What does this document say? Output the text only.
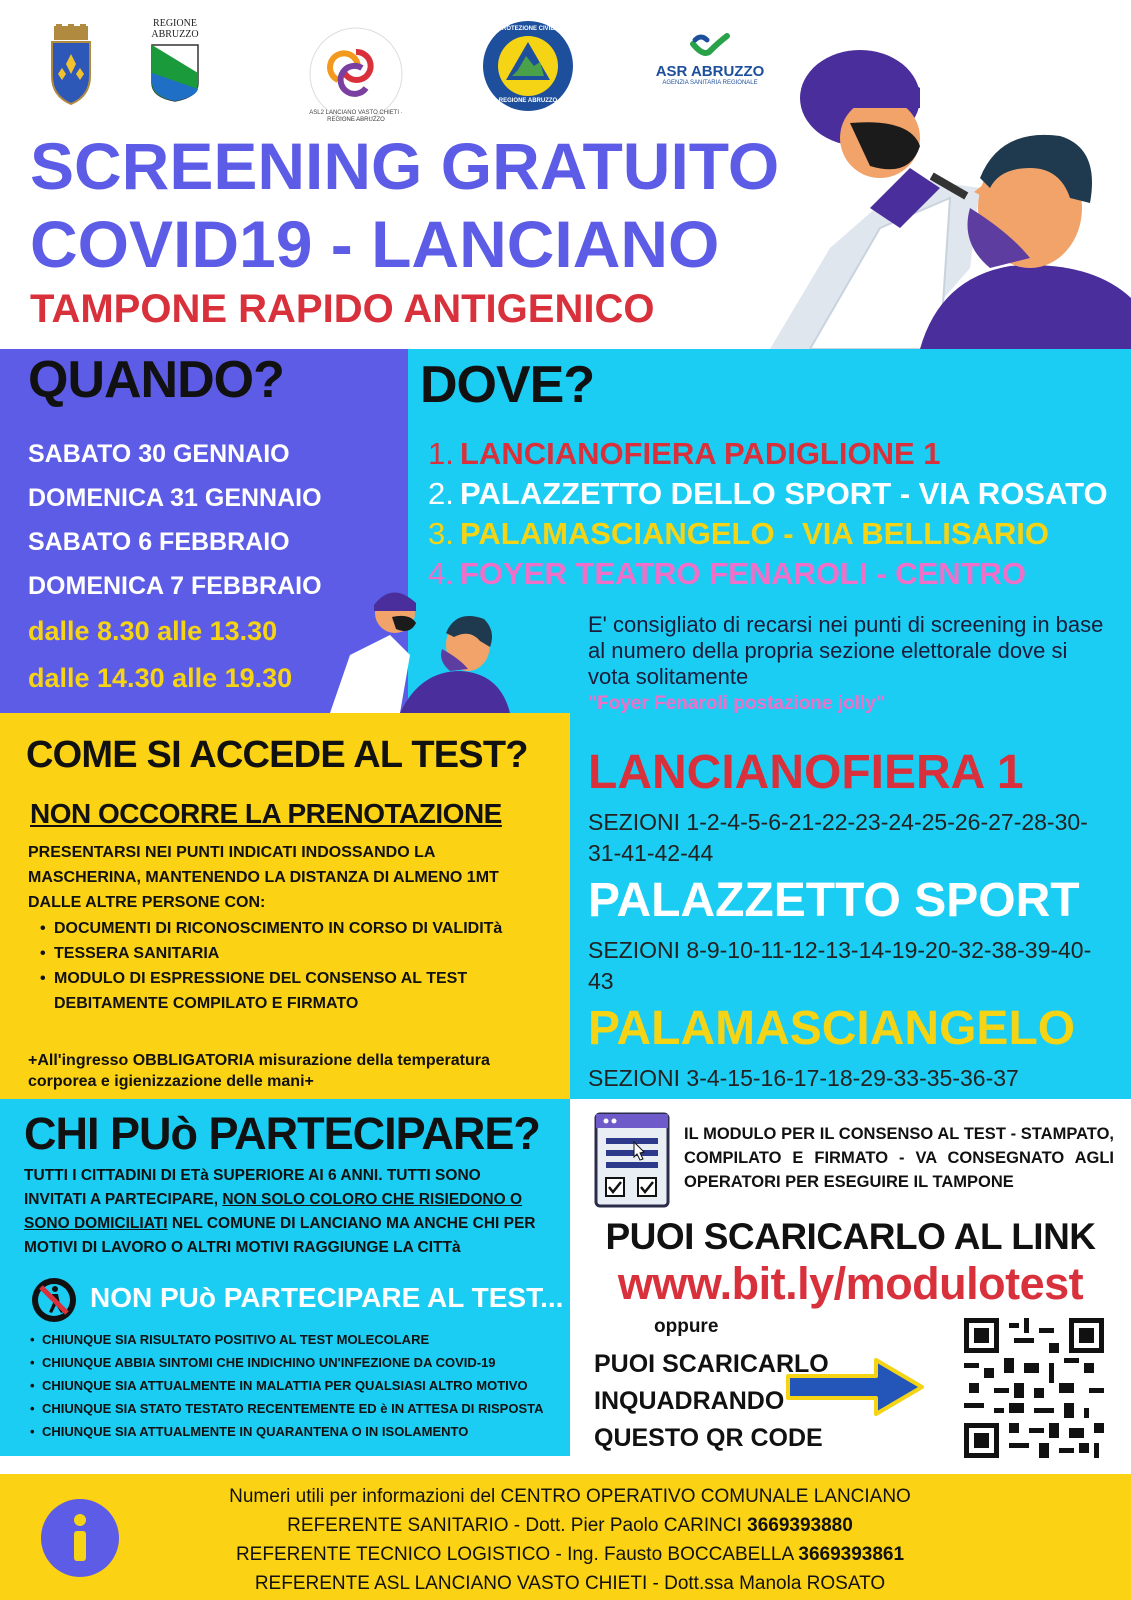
REGIONE
ABRUZZO
ASL2 LANCIANO VASTO CHIETI · REGIONE ABRUZZO
PROTEZIONE CIVILE
REGIONE ABRUZZO
ASR ABRUZZO
AGENZIA SANITARIA REGIONALE
SCREENING GRATUITO
COVID19 - LANCIANO
TAMPONE RAPIDO ANTIGENICO
QUANDO?
SABATO 30 GENNAIO
DOMENICA 31 GENNAIO
SABATO 6 FEBBRAIO
DOMENICA 7 FEBBRAIO
dalle 8.30 alle 13.30
dalle 14.30 alle 19.30
DOVE?
1. LANCIANOFIERA PADIGLIONE 1
2. PALAZZETTO DELLO SPORT - VIA ROSATO
3. PALAMASCIANGELO - VIA BELLISARIO
4. FOYER TEATRO FENAROLI - CENTRO
E' consigliato di recarsi nei punti di screening in base al numero della propria sezione elettorale dove si vota solitamente
"Foyer Fenaroli postazione jolly"
COME SI ACCEDE AL TEST?
NON OCCORRE LA PRENOTAZIONE
PRESENTARSI NEI PUNTI INDICATI INDOSSANDO LA MASCHERINA, MANTENENDO LA DISTANZA DI ALMENO 1MT DALLE ALTRE PERSONE CON:
• DOCUMENTI DI RICONOSCIMENTO IN CORSO DI VALIDITà
• TESSERA SANITARIA
• MODULO DI ESPRESSIONE DEL CONSENSO AL TEST DEBITAMENTE COMPILATO E FIRMATO
+All'ingresso OBBLIGATORIA misurazione della temperatura corporea e igienizzazione delle mani+
LANCIANOFIERA 1
SEZIONI 1-2-4-5-6-21-22-23-24-25-26-27-28-30-31-41-42-44
PALAZZETTO SPORT
SEZIONI 8-9-10-11-12-13-14-19-20-32-38-39-40-43
PALAMASCIANGELO
SEZIONI 3-4-15-16-17-18-29-33-35-36-37
CHI PUò PARTECIPARE?
TUTTI I CITTADINI DI ETà SUPERIORE AI 6 ANNI. TUTTI SONO INVITATI A PARTECIPARE, NON SOLO COLORO CHE RISIEDONO O SONO DOMICILIATI NEL COMUNE DI LANCIANO MA ANCHE CHI PER MOTIVI DI LAVORO O ALTRI MOTIVI RAGGIUNGE LA CITTà
NON PUò PARTECIPARE AL TEST...
• CHIUNQUE SIA RISULTATO POSITIVO AL TEST MOLECOLARE
• CHIUNQUE ABBIA SINTOMI CHE INDICHINO UN'INFEZIONE DA COVID-19
• CHIUNQUE SIA ATTUALMENTE IN MALATTIA PER QUALSIASI ALTRO MOTIVO
• CHIUNQUE SIA STATO TESTATO RECENTEMENTE ED è IN ATTESA DI RISPOSTA
• CHIUNQUE SIA ATTUALMENTE IN QUARANTENA O IN ISOLAMENTO
IL MODULO PER IL CONSENSO AL TEST - STAMPATO, COMPILATO E FIRMATO - VA CONSEGNATO AGLI OPERATORI PER ESEGUIRE IL TAMPONE
PUOI SCARICARLO AL LINK
www.bit.ly/modulotest
oppure
PUOI SCARICARLO
INQUADRANDO
QUESTO QR CODE
Numeri utili per informazioni del CENTRO OPERATIVO COMUNALE LANCIANO
REFERENTE SANITARIO - Dott. Pier Paolo CARINCI 3669393880
REFERENTE TECNICO LOGISTICO - Ing. Fausto BOCCABELLA 3669393861
REFERENTE ASL LANCIANO VASTO CHIETI - Dott.ssa Manola ROSATO
